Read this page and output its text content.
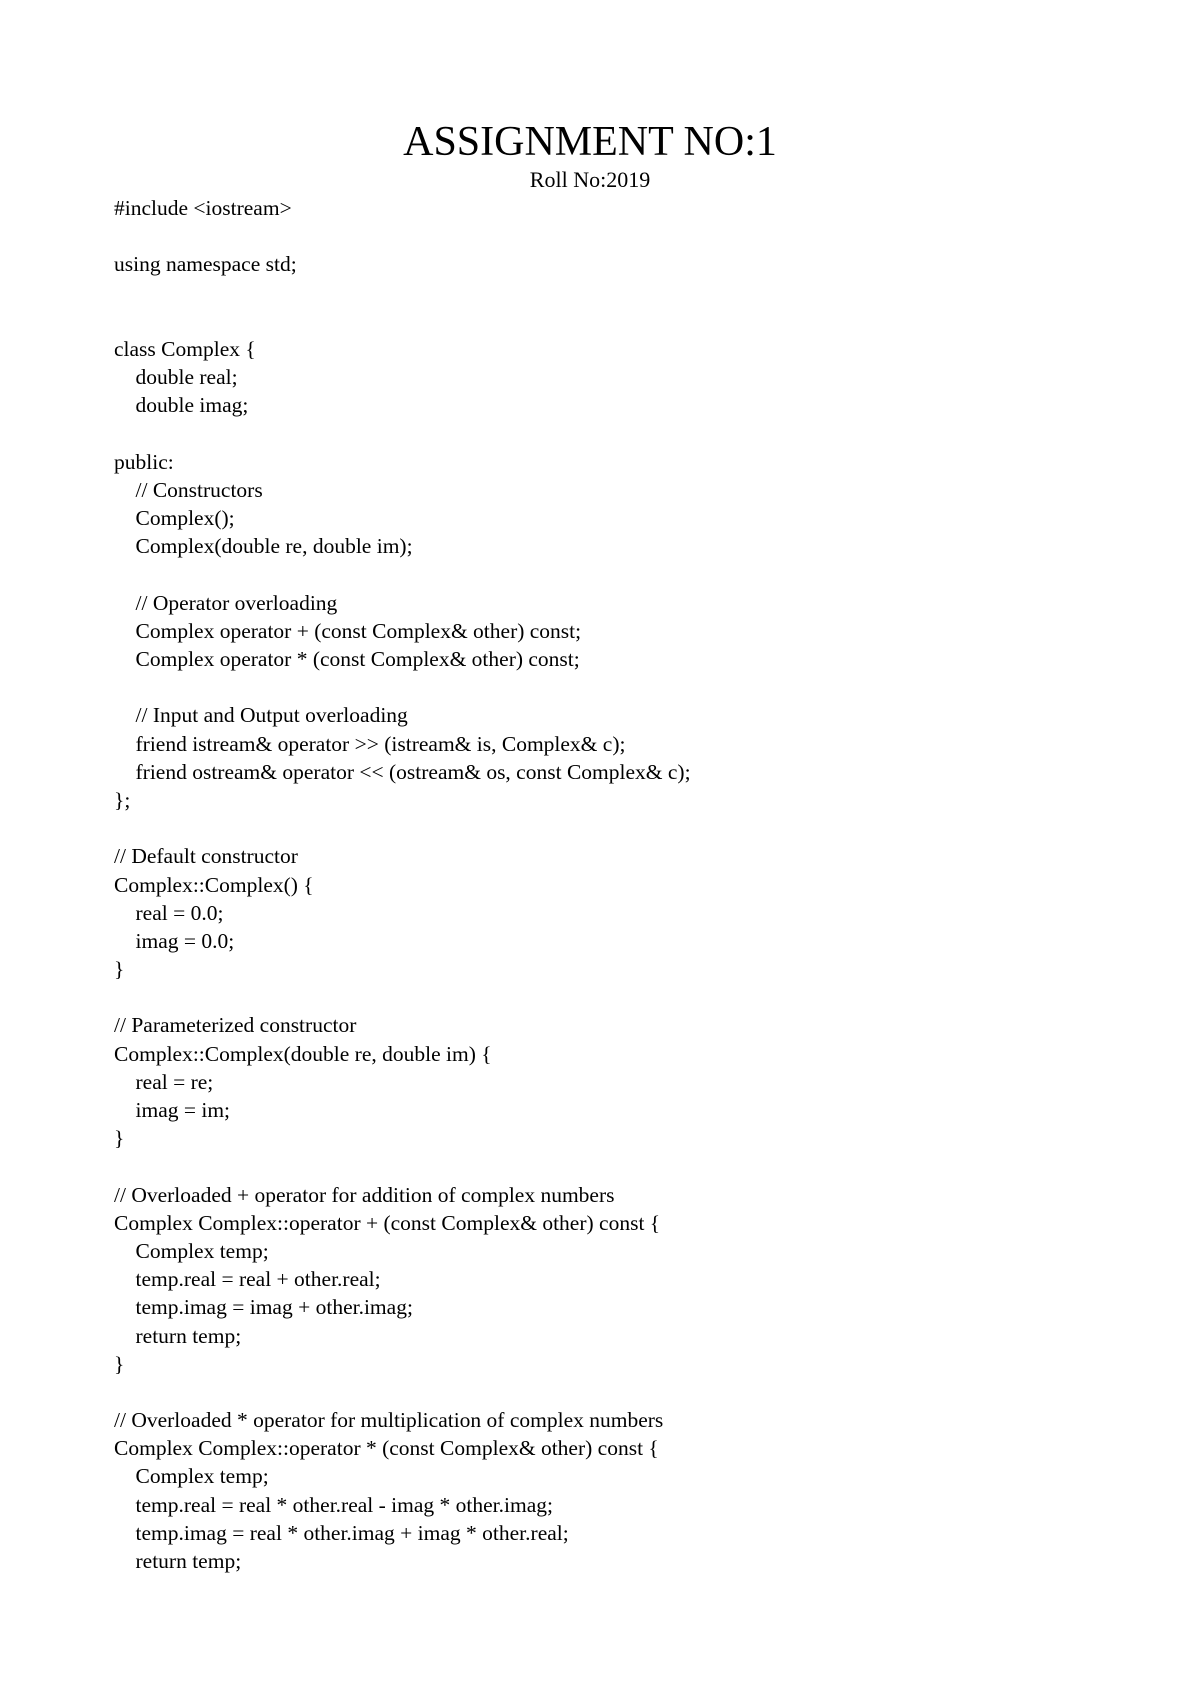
ASSIGNMENT NO:1
Roll No:2019
#include <iostream>
using namespace std;
class Complex {
double real;
double imag;
public:
// Constructors
Complex();
Complex(double re, double im);
// Operator overloading
Complex operator + (const Complex& other) const;
Complex operator * (const Complex& other) const;
// Input and Output overloading
friend istream& operator >> (istream& is, Complex& c);
friend ostream& operator << (ostream& os, const Complex& c);
};
// Default constructor
Complex::Complex() {
real = 0.0;
imag = 0.0;
}
// Parameterized constructor
Complex::Complex(double re, double im) {
real = re;
imag = im;
}
// Overloaded + operator for addition of complex numbers
Complex Complex::operator + (const Complex& other) const {
Complex temp;
temp.real = real + other.real;
temp.imag = imag + other.imag;
return temp;
}
// Overloaded * operator for multiplication of complex numbers
Complex Complex::operator * (const Complex& other) const {
Complex temp;
temp.real = real * other.real - imag * other.imag;
temp.imag = real * other.imag + imag * other.real;
return temp;
